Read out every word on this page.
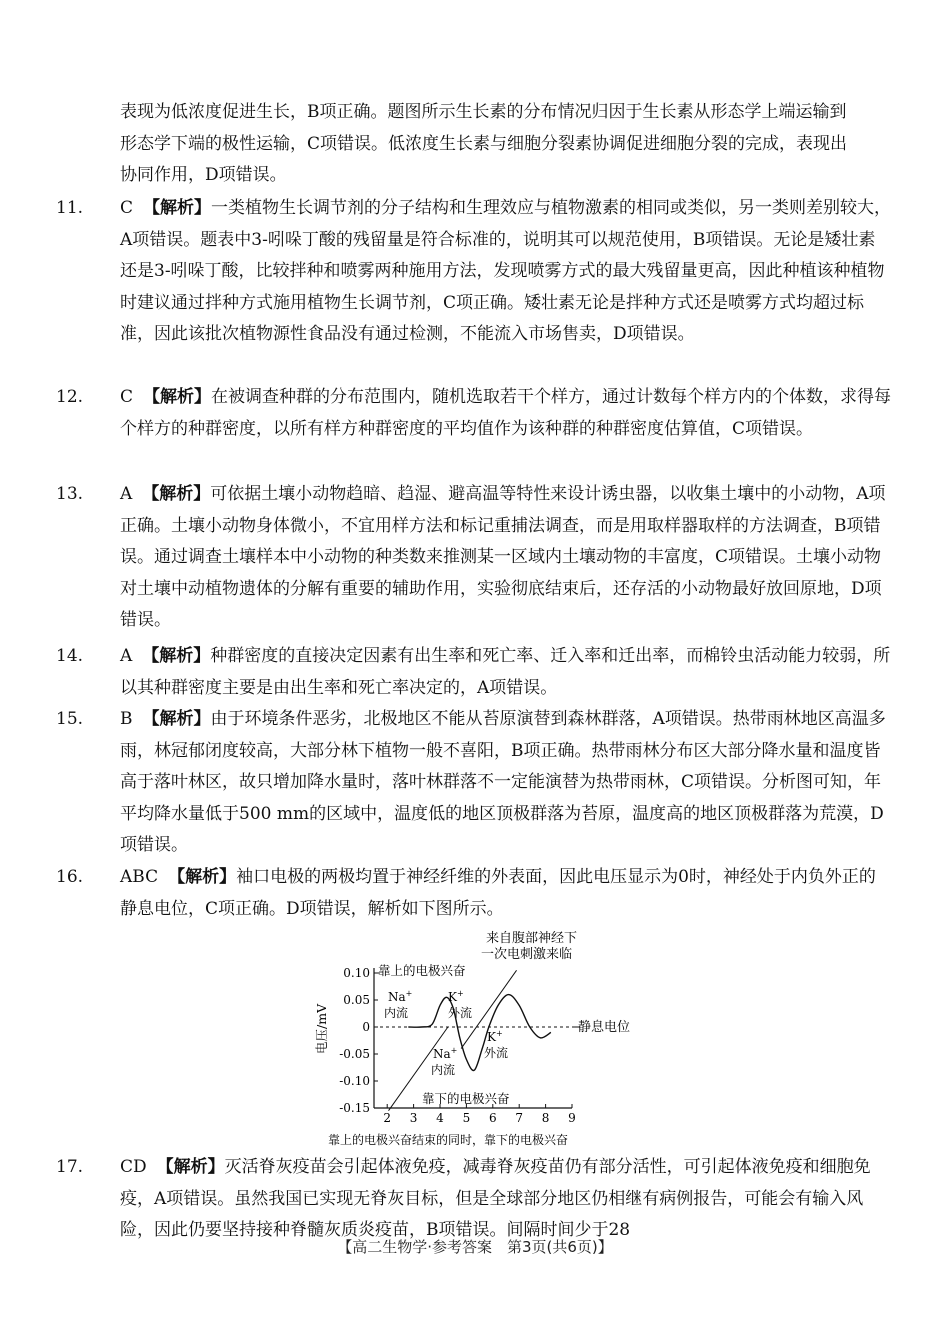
表现为低浓度促进生长，B项正确。题图所示生长素的分布情况归因于生长素从形态学上端运输到形态学下端的极性运输，C项错误。低浓度生长素与细胞分裂素协调促进细胞分裂的完成，表现出协同作用，D项错误。
11. C 【解析】一类植物生长调节剂的分子结构和生理效应与植物激素的相同或类似，另一类则差别较大，A项错误。题表中3-吲哚丁酸的残留量是符合标准的，说明其可以规范使用，B项错误。无论是矮壮素还是3-吲哚丁酸，比较拌种和喷雾两种施用方法，发现喷雾方式的最大残留量更高，因此种植该种植物时建议通过拌种方式施用植物生长调节剂，C项正确。矮壮素无论是拌种方式还是喷雾方式均超过标准，因此该批次植物源性食品没有通过检测，不能流入市场售卖，D项错误。
12. C 【解析】在被调查种群的分布范围内，随机选取若干个样方，通过计数每个样方内的个体数，求得每个样方的种群密度，以所有样方种群密度的平均值作为该种群的种群密度估算值，C项错误。
13. A 【解析】可依据土壤小动物趋暗、趋湿、避高温等特性来设计诱虫器，以收集土壤中的小动物，A项正确。土壤小动物身体微小，不宜用样方法和标记重捕法调查，而是用取样器取样的方法调查，B项错误。通过调查土壤样本中小动物的种类数来推测某一区域内土壤动物的丰富度，C项错误。土壤小动物对土壤中动植物遗体的分解有重要的辅助作用，实验彻底结束后，还存活的小动物最好放回原地，D项错误。
14. A 【解析】种群密度的直接决定因素有出生率和死亡率、迁入率和迁出率，而棉铃虫活动能力较弱，所以其种群密度主要是由出生率和死亡率决定的，A项错误。
15. B 【解析】由于环境条件恶劣，北极地区不能从苔原演替到森林群落，A项错误。热带雨林地区高温多雨，林冠郁闭度较高，大部分林下植物一般不喜阳，B项正确。热带雨林分布区大部分降水量和温度皆高于落叶林区，故只增加降水量时，落叶林群落不一定能演替为热带雨林，C项错误。分析图可知，年平均降水量低于500 mm的区域中，温度低的地区顶极群落为苔原，温度高的地区顶极群落为荒漠，D项错误。
16. ABC 【解析】袖口电极的两极均置于神经纤维的外表面，因此电压显示为0时，神经处于内负外正的静息电位，C项正确。D项错误，解析如下图所示。
0.10
0.05
0
-0.05
-0.10
-0.15
2 3 4 5 6 7 8 9
来自腹部神经下
一次电刺激来临
靠上的电极兴奋
Na+
内流
K+
外流
静息电位
Na+
内流
K+
外流
靠下的电极兴奋
靠上的电极兴奋结束的同时，靠下的电极兴奋
电压/mV
17. CD 【解析】灭活脊灰疫苗会引起体液免疫，减毒脊灰疫苗仍有部分活性，可引起体液免疫和细胞免疫，A项错误。虽然我国已实现无脊灰目标，但是全球部分地区仍相继有病例报告，可能会有输入风险，因此仍要坚持接种脊髓灰质炎疫苗，B项错误。间隔时间少于28
【高二生物学·参考答案　第3页(共6页)】
